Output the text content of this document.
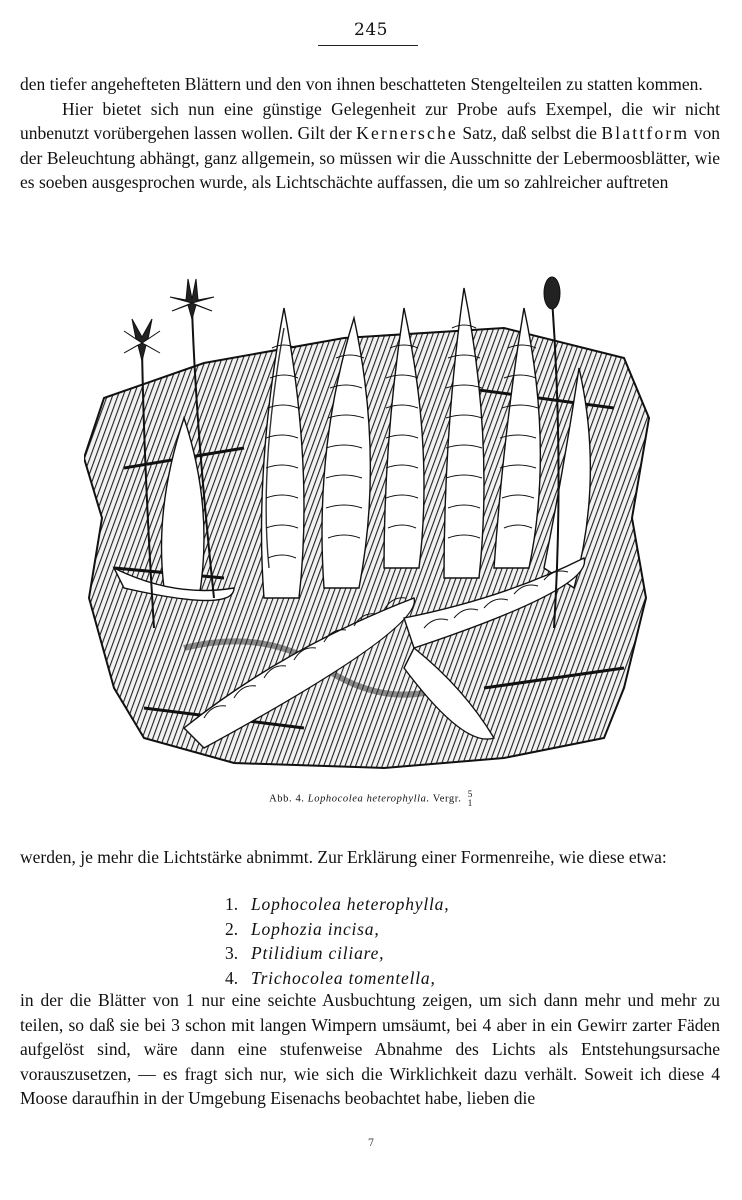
245
den tiefer angehefteten Blättern und den von ihnen beschatteten Stengelteilen zu statten kommen.
Hier bietet sich nun eine günstige Gelegenheit zur Probe aufs Exempel, die wir nicht unbenutzt vorübergehen lassen wollen. Gilt der Kernersche Satz, daß selbst die Blattform von der Beleuchtung abhängt, ganz allgemein, so müssen wir die Ausschnitte der Lebermoosblätter, wie es soeben ausgesprochen wurde, als Lichtschächte auffassen, die um so zahlreicher auftreten
Abb. 4. Lophocolea heterophylla. Vergr. 5
1
werden, je mehr die Lichtstärke abnimmt. Zur Erklärung einer Formenreihe, wie diese etwa:
1. Lophocolea heterophylla,
2. Lophozia incisa,
3. Ptilidium ciliare,
4. Trichocolea tomentella,
in der die Blätter von 1 nur eine seichte Ausbuchtung zeigen, um sich dann mehr und mehr zu teilen, so daß sie bei 3 schon mit langen Wimpern umsäumt, bei 4 aber in ein Gewirr zarter Fäden aufgelöst sind, wäre dann eine stufenweise Abnahme des Lichts als Entstehungsursache vorauszusetzen, — es fragt sich nur, wie sich die Wirklichkeit dazu verhält. Soweit ich diese 4 Moose daraufhin in der Umgebung Eisenachs beobachtet habe, lieben die
7
